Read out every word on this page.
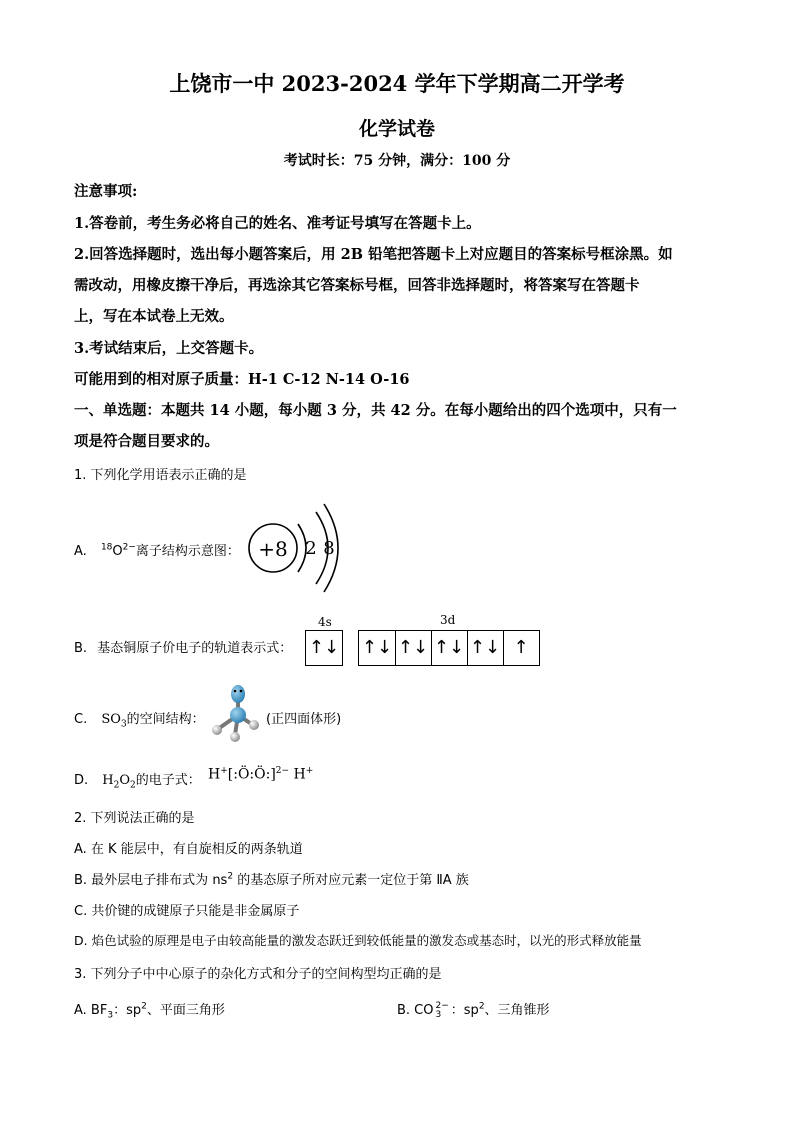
上饶市一中 2023-2024 学年下学期高二开学考
化学试卷
考试时长：75 分钟，满分：100 分
注意事项:
1.答卷前，考生务必将自己的姓名、准考证号填写在答题卡上。
2.回答选择题时，选出每小题答案后，用 2B 铅笔把答题卡上对应题目的答案标号框涂黑。如
需改动，用橡皮擦干净后，再选涂其它答案标号框，回答非选择题时，将答案写在答题卡
上，写在本试卷上无效。
3.考试结束后，上交答题卡。
可能用到的相对原子质量：H-1 C-12 N-14 O-16
一、单选题：本题共 14 小题，每小题 3 分，共 42 分。在每小题给出的四个选项中，只有一
项是符合题目要求的。
1. 下列化学用语表示正确的是
A. $^{18}O^{2-}$离子结构示意图： +8 2 8
B. 基态铜原子价电子的轨道表示式：
4s	3d
↑↓ ↑↓ ↑↓ ↑↓ ↑↓ ↑
C. $SO_3$的空间结构：	(正四面体形)
D. $H_2O_2$的电子式： H+[:Ö:Ö:]$^{2-}$ H+
2. 下列说法正确的是
A. 在 K 能层中，有自旋相反的两条轨道
B. 最外层电子排布式为 $ns^2$ 的基态原子所对应元素一定位于第 ⅡA 族
C. 共价键的成键原子只能是非金属原子
D. 焰色试验的原理是电子由较高能量的激发态跃迁到较低能量的激发态或基态时，以光的形式释放能量
3. 下列分子中中心原子的杂化方式和分子的空间构型均正确的是
A. $BF_3$：$sp^2$、平面三角形	B. CO 2−
3 ：$sp^2$、三角锥形
